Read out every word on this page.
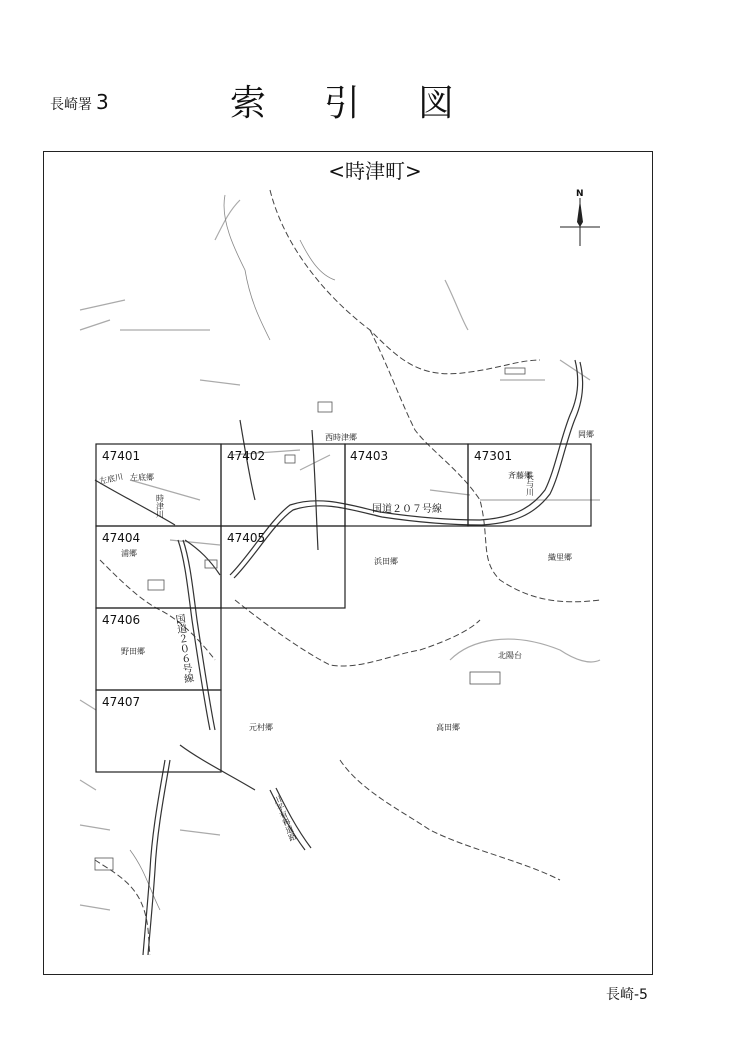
長崎署 3	索引図
<時津町>
47401	47402	47403	47301
47404	47405
47406
47407
西時津郷
左底川 左底郷
時津川
浦郷
浜田郷
野田郷
元村郷	高田郷
北陽台
斉藤郷
長与川
岡郷
織里郷
国道２０７号線
国道２０６号線
川平有料道路
N
長崎-5
